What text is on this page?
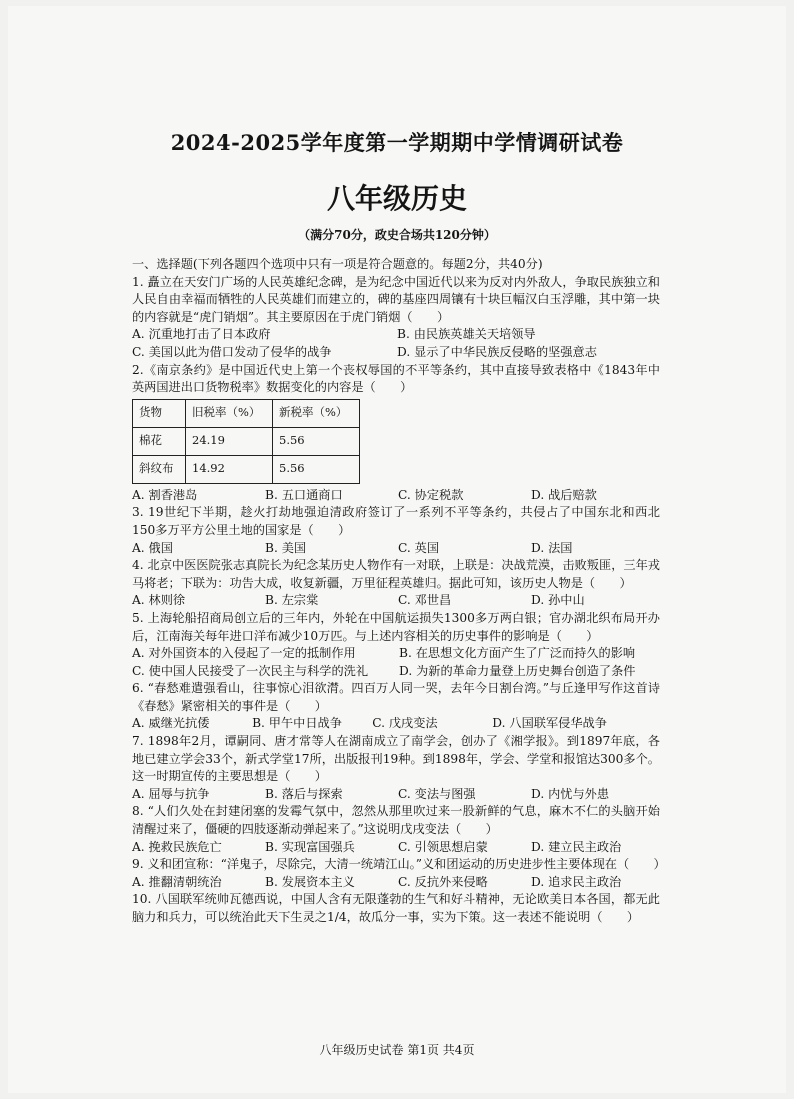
2024-2025学年度第一学期期中学情调研试卷
八年级历史
（满分70分，政史合场共120分钟）

一、选择题(下列各题四个选项中只有一项是符合题意的。每题2分，共40分)

1. 矗立在天安门广场的人民英雄纪念碑，是为纪念中国近代以来为反对内外敌人，争取民族独立和人民自由幸福而牺牲的人民英雄们而建立的，碑的基座四周镶有十块巨幅汉白玉浮雕，其中第一块的内容就是“虎门销烟”。其主要原因在于虎门销烟（　　）

A. 沉重地打击了日本政府	B. 由民族英雄关天培领导
C. 美国以此为借口发动了侵华的战争	D. 显示了中华民族反侵略的坚强意志

2.《南京条约》是中国近代史上第一个丧权辱国的不平等条约，其中直接导致表格中《1843年中英两国进出口货物税率》数据变化的内容是（　　）

货物	旧税率（%）	新税率（%）
棉花	24.19	5.56
斜纹布	14.92	5.56
A. 割香港岛	B. 五口通商口	C. 协定税款	D. 战后赔款

3. 19世纪下半期，趁火打劫地强迫清政府签订了一系列不平等条约，共侵占了中国东北和西北150多万平方公里土地的国家是（　　）

A. 俄国	B. 美国	C. 英国	D. 法国

4. 北京中医医院张志真院长为纪念某历史人物作有一对联，上联是：决战荒漠，击败叛匪，三年戎马将老；下联为：功告大成，收复新疆，万里征程英雄归。据此可知，该历史人物是（　　）

A. 林则徐	B. 左宗棠	C. 邓世昌	D. 孙中山

5. 上海轮船招商局创立后的三年内，外轮在中国航运损失1300多万两白银；官办湖北织布局开办后，江南海关每年进口洋布减少10万匹。与上述内容相关的历史事件的影响是（　　）

A. 对外国资本的入侵起了一定的抵制作用	B. 在思想文化方面产生了广泛而持久的影响
C. 使中国人民接受了一次民主与科学的洗礼	D. 为新的革命力量登上历史舞台创造了条件

6. “春愁难遣强看山，往事惊心泪欲潸。四百万人同一哭，去年今日割台湾。”与丘逢甲写作这首诗《春愁》紧密相关的事件是（　　）

A. 威继光抗倭	B. 甲午中日战争	C. 戊戌变法	D. 八国联军侵华战争

7. 1898年2月，谭嗣同、唐才常等人在湖南成立了南学会，创办了《湘学报》。到1897年底，各地已建立学会33个，新式学堂17所，出版报刊19种。到1898年，学会、学堂和报馆达300多个。这一时期宣传的主要思想是（　　）

A. 屈辱与抗争	B. 落后与探索	C. 变法与图强	D. 内忧与外患

8. “人们久处在封建闭塞的发霉气氛中，忽然从那里吹过来一股新鲜的气息，麻木不仁的头脑开始清醒过来了，僵硬的四肢逐渐动弹起来了。”这说明戊戌变法（　　）

A. 挽救民族危亡	B. 实现富国强兵	C. 引领思想启蒙	D. 建立民主政治

9. 义和团宣称：“洋鬼子，尽除完，大清一统靖江山。”义和团运动的历史进步性主要体现在（　　）

A. 推翻清朝统治	B. 发展资本主义	C. 反抗外来侵略	D. 追求民主政治

10. 八国联军统帅瓦德西说，中国人含有无限蓬勃的生气和好斗精神，无论欧美日本各国，都无此脑力和兵力，可以统治此天下生灵之1/4，故瓜分一事，实为下策。这一表述不能说明（　　）

八年级历史试卷 第1页 共4页
